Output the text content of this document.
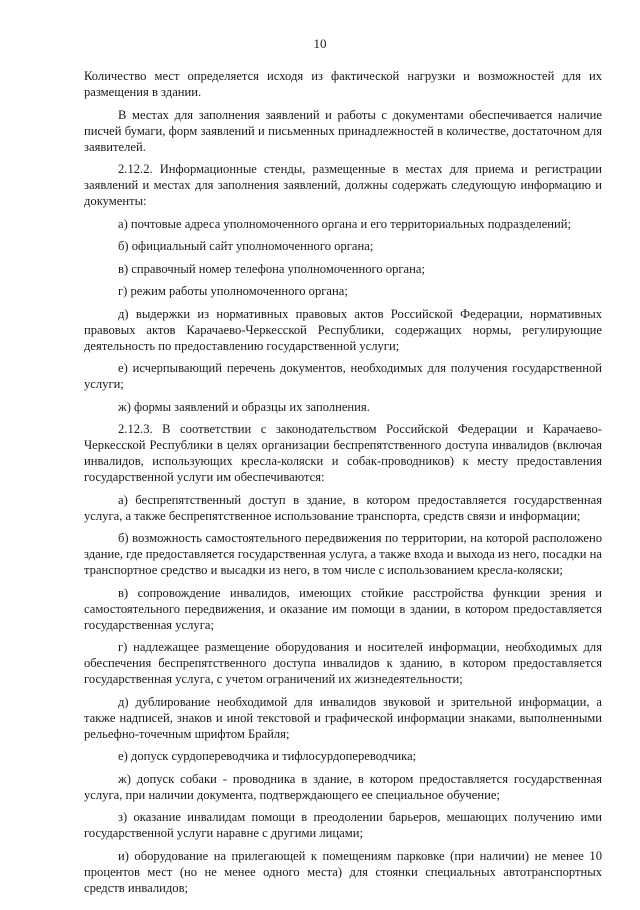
10

Количество мест определяется исходя из фактической нагрузки и возможностей для их размещения в здании.

В местах для заполнения заявлений и работы с документами обеспечивается наличие писчей бумаги, форм заявлений и письменных принадлежностей в количестве, достаточном для заявителей.

2.12.2. Информационные стенды, размещенные в местах для приема и регистрации заявлений и местах для заполнения заявлений, должны содержать следующую информацию и документы:

а) почтовые адреса уполномоченного органа и его территориальных подразделений;

б) официальный сайт уполномоченного органа;

в) справочный номер телефона уполномоченного органа;

г) режим работы уполномоченного органа;

д) выдержки из нормативных правовых актов Российской Федерации, нормативных правовых актов Карачаево-Черкесской Республики, содержащих нормы, регулирующие деятельность по предоставлению государственной услуги;

е) исчерпывающий перечень документов, необходимых для получения государственной услуги;

ж) формы заявлений и образцы их заполнения.

2.12.3. В соответствии с законодательством Российской Федерации и Карачаево-Черкесской Республики в целях организации беспрепятственного доступа инвалидов (включая инвалидов, использующих кресла-коляски и собак-проводников) к месту предоставления государственной услуги им обеспечиваются:

а) беспрепятственный доступ в здание, в котором предоставляется государственная услуга, а также беспрепятственное использование транспорта, средств связи и информации;

б) возможность самостоятельного передвижения по территории, на которой расположено здание, где предоставляется государственная услуга, а также входа и выхода из него, посадки на транспортное средство и высадки из него, в том числе с использованием кресла-коляски;

в) сопровождение инвалидов, имеющих стойкие расстройства функции зрения и самостоятельного передвижения, и оказание им помощи в здании, в котором предоставляется государственная услуга;

г) надлежащее размещение оборудования и носителей информации, необходимых для обеспечения беспрепятственного доступа инвалидов к зданию, в котором предоставляется государственная услуга, с учетом ограничений их жизнедеятельности;

д) дублирование необходимой для инвалидов звуковой и зрительной информации, а также надписей, знаков и иной текстовой и графической информации знаками, выполненными рельефно-точечным шрифтом Брайля;

е) допуск сурдопереводчика и тифлосурдопереводчика;

ж) допуск собаки - проводника в здание, в котором предоставляется государственная услуга, при наличии документа, подтверждающего ее специальное обучение;

з) оказание инвалидам помощи в преодолении барьеров, мешающих получению ими государственной услуги наравне с другими лицами;

и) оборудование на прилегающей к помещениям парковке (при наличии) не менее 10 процентов мест (но не менее одного места) для стоянки специальных автотранспортных средств инвалидов;
